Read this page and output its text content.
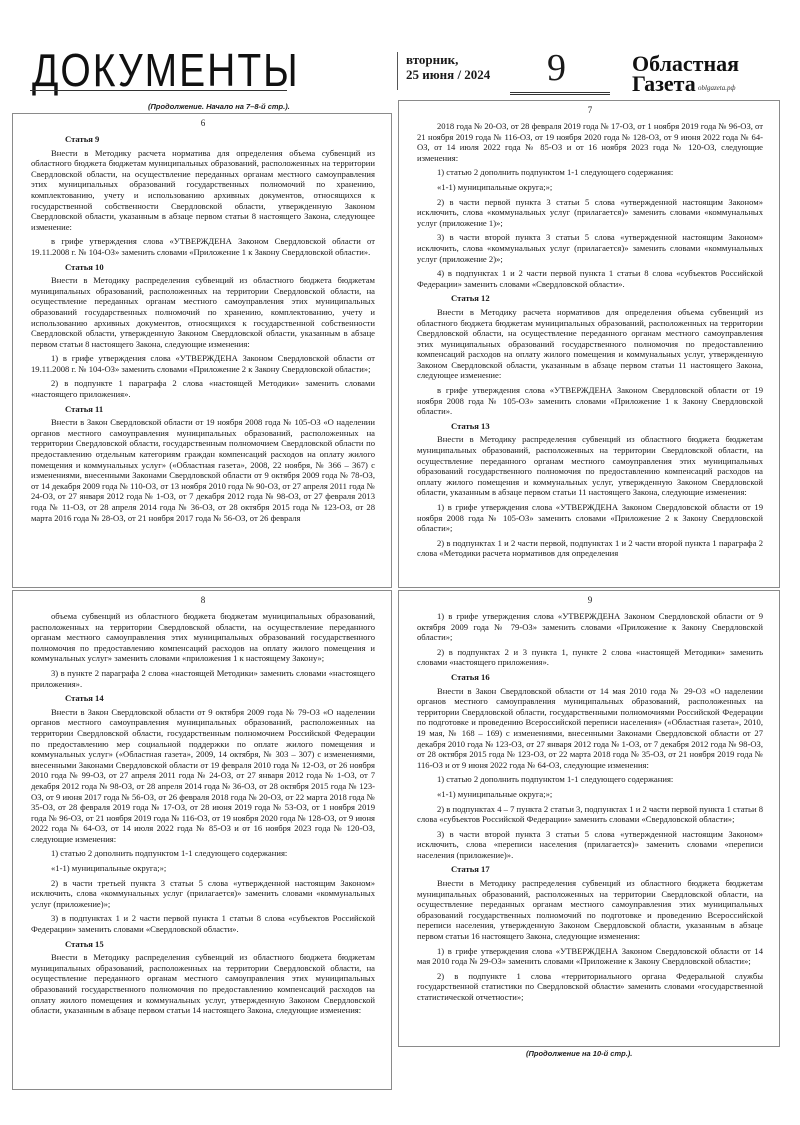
ДОКУМЕНТЫ	вторник,
25 июня / 2024 9	Областная
Газета oblgazeta.рф
(Продолжение. Начало на 7–8-й стр.).
6

Статья 9

Внести в Методику расчета норматива для определения объема субвенций из областного бюджета бюджетам муниципальных образований, расположенных на территории Свердловской области, на осуществление переданных органам местного самоуправления этих муниципальных образований государственных полномочий по хранению, комплектованию, учету и использованию архивных документов, относящихся к государственной собственности Свердловской области, утвержденную Законом Свердловской области, указанным в абзаце первом статьи 8 настоящего Закона, следующее изменение:

в грифе утверждения слова «УТВЕРЖДЕНА Законом Свердловской области от 19.11.2008 г. № 104-ОЗ» заменить словами «Приложение 1 к Закону Свердловской области».

Статья 10

Внести в Методику распределения субвенций из областного бюджета бюджетам муниципальных образований, расположенных на территории Свердловской области, на осуществление переданных органам местного самоуправления этих муниципальных образований государственных полномочий по хранению, комплектованию, учету и использованию архивных документов, относящихся к государственной собственности Свердловской области, утвержденную Законом Свердловской области, указанным в абзаце первом статьи 8 настоящего Закона, следующие изменения:

1) в грифе утверждения слова «УТВЕРЖДЕНА Законом Свердловской области от 19.11.2008 г. № 104-ОЗ» заменить словами «Приложение 2 к Закону Свердловской области»;

2) в подпункте 1 параграфа 2 слова «настоящей Методики» заменить словами «настоящего приложения».

Статья 11

Внести в Закон Свердловской области от 19 ноября 2008 года № 105-ОЗ «О наделении органов местного самоуправления муниципальных образований, расположенных на территории Свердловской области, государственным полномочием Свердловской области по предоставлению отдельным категориям граждан компенсаций расходов на оплату жилого помещения и коммунальных услуг» («Областная газета», 2008, 22 ноября, № 366 – 367) с изменениями, внесенными Законами Свердловской области от 9 октября 2009 года № 78-ОЗ, от 14 декабря 2009 года № 110-ОЗ, от 13 ноября 2010 года № 90-ОЗ, от 27 апреля 2011 года № 24-ОЗ, от 27 января 2012 года № 1-ОЗ, от 7 декабря 2012 года № 98-ОЗ, от 27 февраля 2013 года № 11-ОЗ, от 28 апреля 2014 года № 36-ОЗ, от 28 октября 2015 года № 123-ОЗ, от 28 марта 2016 года № 28-ОЗ, от 21 ноября 2017 года № 56-ОЗ, от 26 февраля

7

2018 года № 20-ОЗ, от 28 февраля 2019 года № 17-ОЗ, от 1 ноября 2019 года № 96-ОЗ, от 21 ноября 2019 года № 116-ОЗ, от 19 ноября 2020 года № 128-ОЗ, от 9 июня 2022 года № 64-ОЗ, от 14 июля 2022 года № 85-ОЗ и от 16 ноября 2023 года № 120-ОЗ, следующие изменения:

1) статью 2 дополнить подпунктом 1-1 следующего содержания:

«1-1) муниципальные округа;»;

2) в части первой пункта 3 статьи 5 слова «утвержденной настоящим Законом» исключить, слова «коммунальных услуг (прилагается)» заменить словами «коммунальных услуг (приложение 1)»;

3) в части второй пункта 3 статьи 5 слова «утвержденной настоящим Законом» исключить, слова «коммунальных услуг (прилагается)» заменить словами «коммунальных услуг (приложение 2)»;

4) в подпунктах 1 и 2 части первой пункта 1 статьи 8 слова «субъектов Российской Федерации» заменить словами «Свердловской области».

Статья 12

Внести в Методику расчета нормативов для определения объема субвенций из областного бюджета бюджетам муниципальных образований, расположенных на территории Свердловской области, на осуществление переданного органам местного самоуправления этих муниципальных образований государственного полномочия по предоставлению компенсаций расходов на оплату жилого помещения и коммунальных услуг, утвержденную Законом Свердловской области, указанным в абзаце первом статьи 11 настоящего Закона, следующее изменение:

в грифе утверждения слова «УТВЕРЖДЕНА Законом Свердловской области от 19 ноября 2008 года № 105-ОЗ» заменить словами «Приложение 1 к Закону Свердловской области».

Статья 13

Внести в Методику распределения субвенций из областного бюджета бюджетам муниципальных образований, расположенных на территории Свердловской области, на осуществление переданного органам местного самоуправления этих муниципальных образований государственного полномочия по предоставлению компенсаций расходов на оплату жилого помещения и коммунальных услуг, утвержденную Законом Свердловской области, указанным в абзаце первом статьи 11 настоящего Закона, следующие изменения:

1) в грифе утверждения слова «УТВЕРЖДЕНА Законом Свердловской области от 19 ноября 2008 года № 105-ОЗ» заменить словами «Приложение 2 к Закону Свердловской области»;

2) в подпунктах 1 и 2 части первой, подпунктах 1 и 2 части второй пункта 1 параграфа 2 слова «Методики расчета нормативов для определения

8

объема субвенций из областного бюджета бюджетам муниципальных образований, расположенных на территории Свердловской области, на осуществление переданного органам местного самоуправления этих муниципальных образований государственного полномочия по предоставлению компенсаций расходов на оплату жилого помещения и коммунальных услуг» заменить словами «приложения 1 к настоящему Закону»;

3) в пункте 2 параграфа 2 слова «настоящей Методики» заменить словами «настоящего приложения».

Статья 14

Внести в Закон Свердловской области от 9 октября 2009 года № 79-ОЗ «О наделении органов местного самоуправления муниципальных образований, расположенных на территории Свердловской области, государственным полномочием Российской Федерации по предоставлению мер социальной поддержки по оплате жилого помещения и коммунальных услуг» («Областная газета», 2009, 14 октября, № 303 – 307) с изменениями, внесенными Законами Свердловской области от 19 февраля 2010 года № 12-ОЗ, от 26 ноября 2010 года № 99-ОЗ, от 27 апреля 2011 года № 24-ОЗ, от 27 января 2012 года № 1-ОЗ, от 7 декабря 2012 года № 98-ОЗ, от 28 апреля 2014 года № 36-ОЗ, от 28 октября 2015 года № 123-ОЗ, от 9 июня 2017 года № 56-ОЗ, от 26 февраля 2018 года № 20-ОЗ, от 22 марта 2018 года № 35-ОЗ, от 28 февраля 2019 года № 17-ОЗ, от 28 июня 2019 года № 53-ОЗ, от 1 ноября 2019 года № 96-ОЗ, от 21 ноября 2019 года № 116-ОЗ, от 19 ноября 2020 года № 128-ОЗ, от 9 июня 2022 года № 64-ОЗ, от 14 июля 2022 года № 85-ОЗ и от 16 ноября 2023 года № 120-ОЗ, следующие изменения:

1) статью 2 дополнить подпунктом 1-1 следующего содержания:

«1-1) муниципальные округа;»;

2) в части третьей пункта 3 статьи 5 слова «утвержденной настоящим Законом» исключить, слова «коммунальных услуг (прилагается)» заменить словами «коммунальных услуг (приложение)»;

3) в подпунктах 1 и 2 части первой пункта 1 статьи 8 слова «субъектов Российской Федерации» заменить словами «Свердловской области».

Статья 15

Внести в Методику распределения субвенций из областного бюджета бюджетам муниципальных образований, расположенных на территории Свердловской области, на осуществление переданного органам местного самоуправления этих муниципальных образований государственного полномочия по предоставлению компенсаций расходов на оплату жилого помещения и коммунальных услуг, утвержденную Законом Свердловской области, указанным в абзаце первом статьи 14 настоящего Закона, следующие изменения:

9

1) в грифе утверждения слова «УТВЕРЖДЕНА Законом Свердловской области от 9 октября 2009 года № 79-ОЗ» заменить словами «Приложение к Закону Свердловской области»;

2) в подпунктах 2 и 3 пункта 1, пункте 2 слова «настоящей Методики» заменить словами «настоящего приложения».

Статья 16

Внести в Закон Свердловской области от 14 мая 2010 года № 29-ОЗ «О наделении органов местного самоуправления муниципальных образований, расположенных на территории Свердловской области, государственными полномочиями Российской Федерации по подготовке и проведению Всероссийской переписи населения» («Областная газета», 2010, 19 мая, № 168 – 169) с изменениями, внесенными Законами Свердловской области от 27 декабря 2010 года № 123-ОЗ, от 27 января 2012 года № 1-ОЗ, от 7 декабря 2012 года № 98-ОЗ, от 28 октября 2015 года № 123-ОЗ, от 22 марта 2018 года № 35-ОЗ, от 21 ноября 2019 года № 116-ОЗ и от 9 июня 2022 года № 64-ОЗ, следующие изменения:

1) статью 2 дополнить подпунктом 1-1 следующего содержания:

«1-1) муниципальные округа;»;

2) в подпунктах 4 – 7 пункта 2 статьи 3, подпунктах 1 и 2 части первой пункта 1 статьи 8 слова «субъектов Российской Федерации» заменить словами «Свердловской области»;

3) в части второй пункта 3 статьи 5 слова «утвержденной настоящим Законом» исключить, слова «переписи населения (прилагается)» заменить словами «переписи населения (приложение)».

Статья 17

Внести в Методику распределения субвенций из областного бюджета бюджетам муниципальных образований, расположенных на территории Свердловской области, на осуществление переданных органам местного самоуправления этих муниципальных образований государственных полномочий по подготовке и проведению Всероссийской переписи населения, утвержденную Законом Свердловской области, указанным в абзаце первом статьи 16 настоящего Закона, следующие изменения:

1) в грифе утверждения слова «УТВЕРЖДЕНА Законом Свердловской области от 14 мая 2010 года № 29-ОЗ» заменить словами «Приложение к Закону Свердловской области»;

2) в подпункте 1 слова «территориального органа Федеральной службы государственной статистики по Свердловской области» заменить словами «государственной статистической отчетности»;

(Продолжение на 10-й стр.).
